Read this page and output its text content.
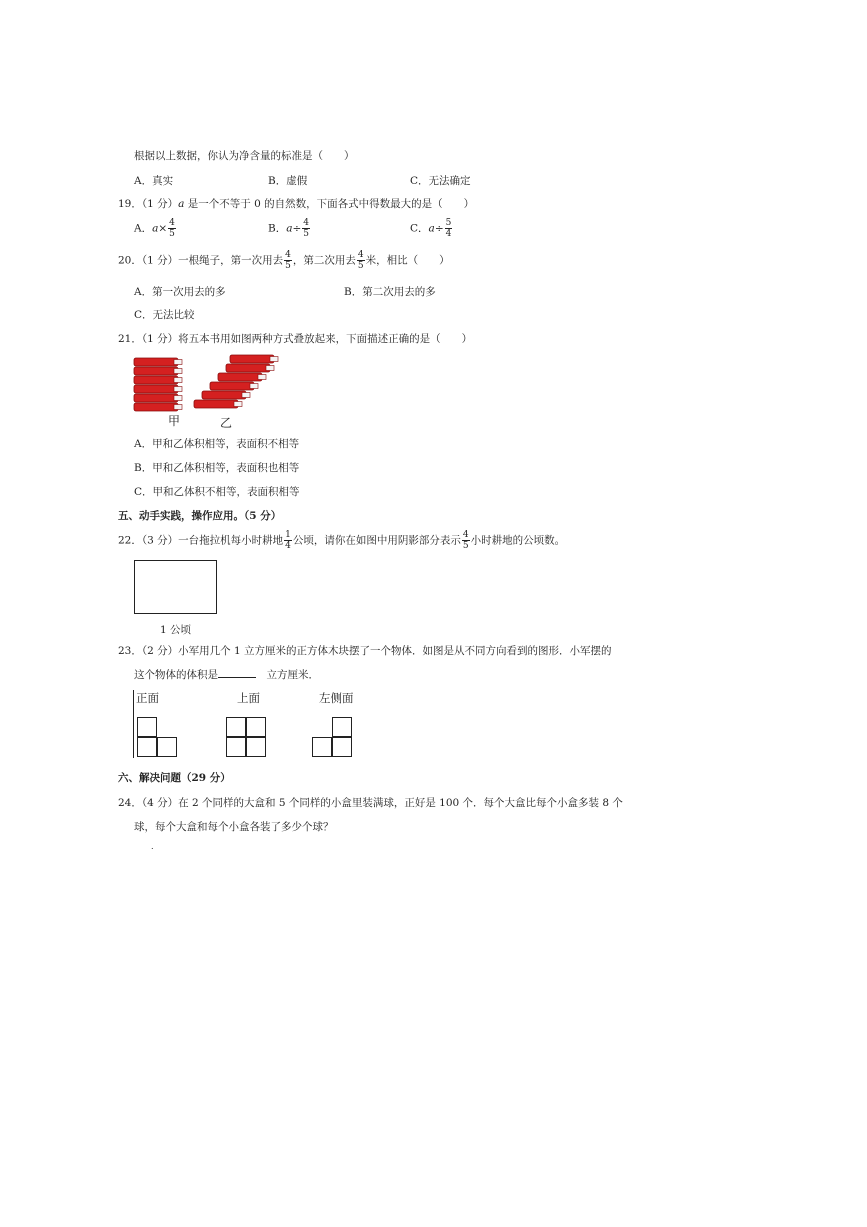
根据以上数据，你认为净含量的标准是（　　）
A．真实	B．虚假	C．无法确定
19．（1 分）a 是一个不等于 0 的自然数，下面各式中得数最大的是（　　）
A．$a\times \frac{4}{5}$	B．$a\div \frac{4}{5}$	C．$a\div \frac{5}{4}$
20．（1 分）一根绳子，第一次用去 $\frac{4}{5}$ ，第二次用去 $\frac{4}{5}$ 米，相比（　　）
A．第一次用去的多	B．第二次用去的多
C．无法比较
21．（1 分）将五本书用如图两种方式叠放起来，下面描述正确的是（　　）
甲	乙
A．甲和乙体积相等，表面积不相等
B．甲和乙体积相等，表面积也相等
C．甲和乙体积不相等，表面积相等
五、动手实践，操作应用。（5 分）
22．（3 分）一台拖拉机每小时耕地 $\frac{1}{4}$ 公顷，请你在如图中用阴影部分表示 $\frac{4}{5}$ 小时耕地的公顷数。
1 公顷
23．（2 分）小军用几个 1 立方厘米的正方体木块摆了一个物体．如图是从不同方向看到的图形．小军摆的
这个物体的体积是	　立方厘米．
正面	上面	左侧面
六、解决问题（29 分）
24．（4 分）在 2 个同样的大盒和 5 个同样的小盒里装满球，正好是 100 个．每个大盒比每个小盒多装 8 个
球，每个大盒和每个小盒各装了多少个球？
.
